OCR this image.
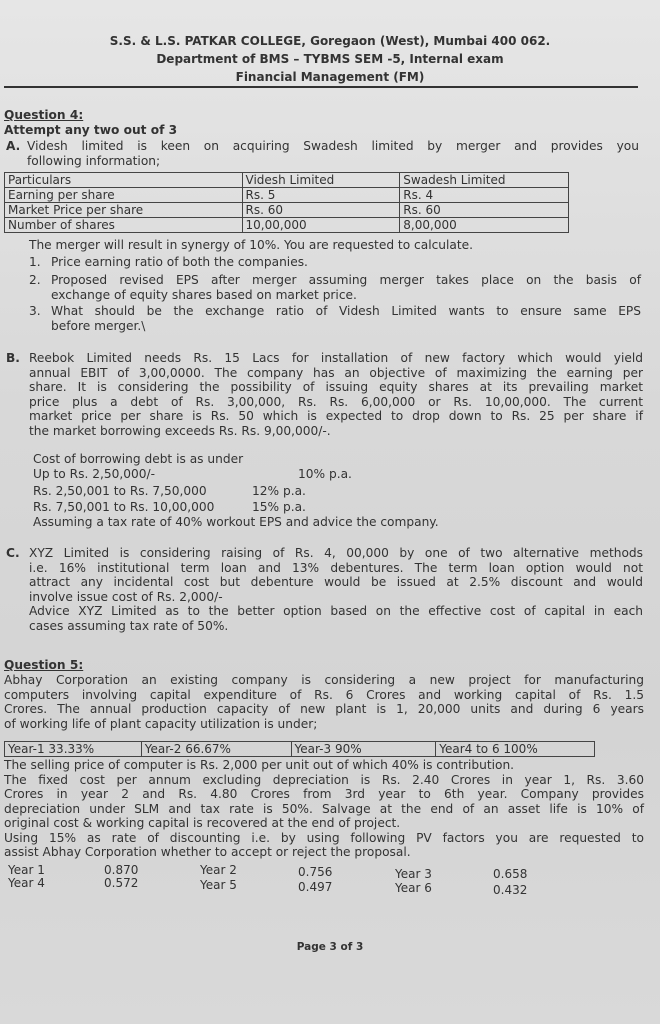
S.S. & L.S. PATKAR COLLEGE, Goregaon (West), Mumbai 400 062.
Department of BMS – TYBMS SEM -5, Internal exam
Financial Management (FM)
Question 4:
Attempt any two out of 3
A. Videsh limited is keen on acquiring Swadesh limited by merger and provides you
following information;
Particulars	Videsh Limited	Swadesh Limited
Earning per share	Rs. 5	Rs. 4
Market Price per share	Rs. 60	Rs. 60
Number of shares	10,00,000	8,00,000
The merger will result in synergy of 10%. You are requested to calculate.
1. Price earning ratio of both the companies.
2. Proposed revised EPS after merger assuming merger takes place on the basis of
exchange of equity shares based on market price.
3. What should be the exchange ratio of Videsh Limited wants to ensure same EPS
before merger.\
B. Reebok Limited needs Rs. 15 Lacs for installation of new factory which would yield
annual EBIT of 3,00,0000. The company has an objective of maximizing the earning per
share. It is considering the possibility of issuing equity shares at its prevailing market
price plus a debt of Rs. 3,00,000, Rs. Rs. 6,00,000 or Rs. 10,00,000. The current
market price per share is Rs. 50 which is expected to drop down to Rs. 25 per share if
the market borrowing exceeds Rs. Rs. 9,00,000/-.
Cost of borrowing debt is as under
Up to Rs. 2,50,000/-	10% p.a.
Rs. 2,50,001 to Rs. 7,50,000	12% p.a.
Rs. 7,50,001 to Rs. 10,00,000	15% p.a.
Assuming a tax rate of 40% workout EPS and advice the company.
C. XYZ Limited is considering raising of Rs. 4, 00,000 by one of two alternative methods
i.e. 16% institutional term loan and 13% debentures. The term loan option would not
attract any incidental cost but debenture would be issued at 2.5% discount and would
involve issue cost of Rs. 2,000/-
Advice XYZ Limited as to the better option based on the effective cost of capital in each
cases assuming tax rate of 50%.
Question 5:
Abhay Corporation an existing company is considering a new project for manufacturing
computers involving capital expenditure of Rs. 6 Crores and working capital of Rs. 1.5
Crores. The annual production capacity of new plant is 1, 20,000 units and during 6 years
of working life of plant capacity utilization is under;
Year-1 33.33%	Year-2 66.67%	Year-3 90%	Year4 to 6 100%
The selling price of computer is Rs. 2,000 per unit out of which 40% is contribution.
The fixed cost per annum excluding depreciation is Rs. 2.40 Crores in year 1, Rs. 3.60
Crores in year 2 and Rs. 4.80 Crores from 3rd year to 6th year. Company provides
depreciation under SLM and tax rate is 50%. Salvage at the end of an asset life is 10% of
original cost & working capital is recovered at the end of project.
Using 15% as rate of discounting i.e. by using following PV factors you are requested to
assist Abhay Corporation whether to accept or reject the proposal.
Year 1	0.870	Year 2	0.756	Year 3	0.658
Year 4	0.572	Year 5	0.497	Year 6	0.432
Page 3 of 3
